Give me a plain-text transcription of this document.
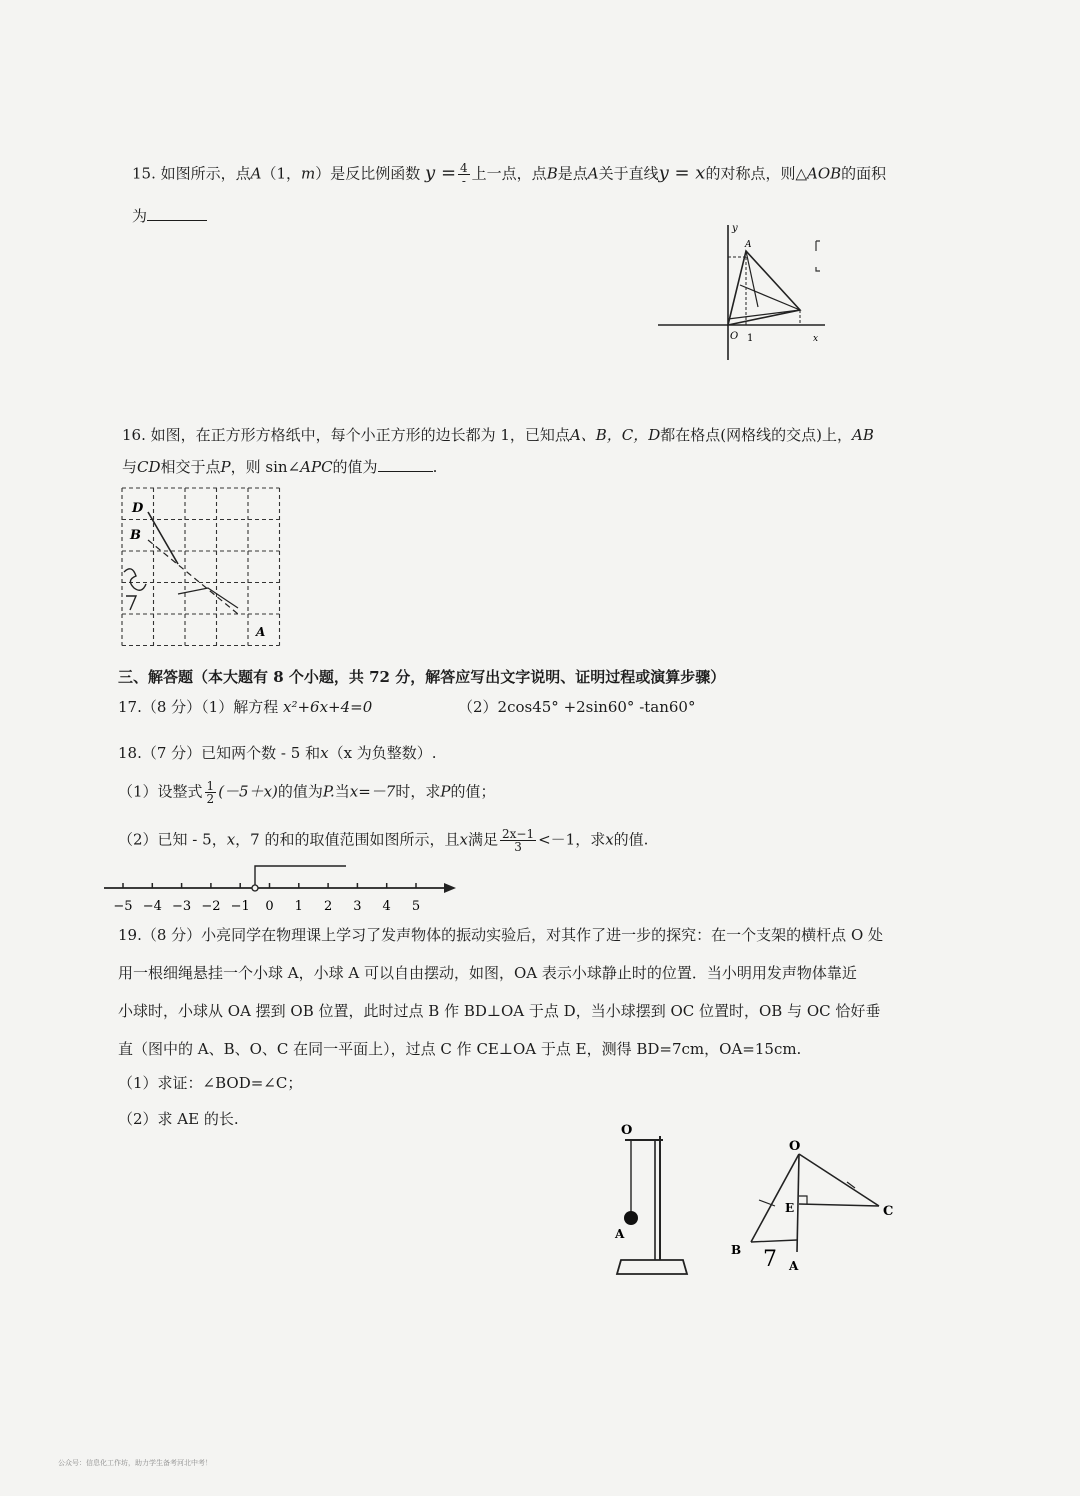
15. 如图所示，点A（1，m）是反比例函数 $y = \frac{4}{-}$ 上一点，点B是点A关于直线y = x的对称点，则△AOB的面积
为
y
x
A
O 1
16. 如图，在正方形方格纸中，每个小正方形的边长都为 1，已知点A、B，C，D都在格点(网格线的交点)上，AB
与CD相交于点P，则 sin∠APC的值为	.
D
B
A
三、解答题（本大题有 8 个小题，共 72 分，解答应写出文字说明、证明过程或演算步骤）
17.（8 分）（1）解方程 x²+6x+4=0	（2）2cos45° +2sin60° -tan60°
18.（7 分）已知两个数 - 5 和x（x 为负整数）.
（1）设整式 $\frac{1}{2} (-5+x)$的值为P.当x=－7时，求P的值；
（2）已知 - 5，x，7 的和的取值范围如图所示，且x满足 $\frac{2x-1}{3} <-1$，求x的值.
−5 −4 −3 −2 −1 0 1 2 3 4 5
19.（8 分）小亮同学在物理课上学习了发声物体的振动实验后，对其作了进一步的探究：在一个支架的横杆点 O 处
用一根细绳悬挂一个小球 A，小球 A 可以自由摆动，如图，OA 表示小球静止时的位置．当小明用发声物体靠近
小球时，小球从 OA 摆到 OB 位置，此时过点 B 作 BD⊥OA 于点 D，当小球摆到 OC 位置时，OB 与 OC 恰好垂
直（图中的 A、B、O、C 在同一平面上），过点 C 作 CE⊥OA 于点 E，测得 BD=7cm，OA=15cm.
（1）求证：∠BOD=∠C；
（2）求 AE 的长.
O
A
O
E	C
B
A
7
公众号：信息化工作坊，助力学生备考河北中考！
